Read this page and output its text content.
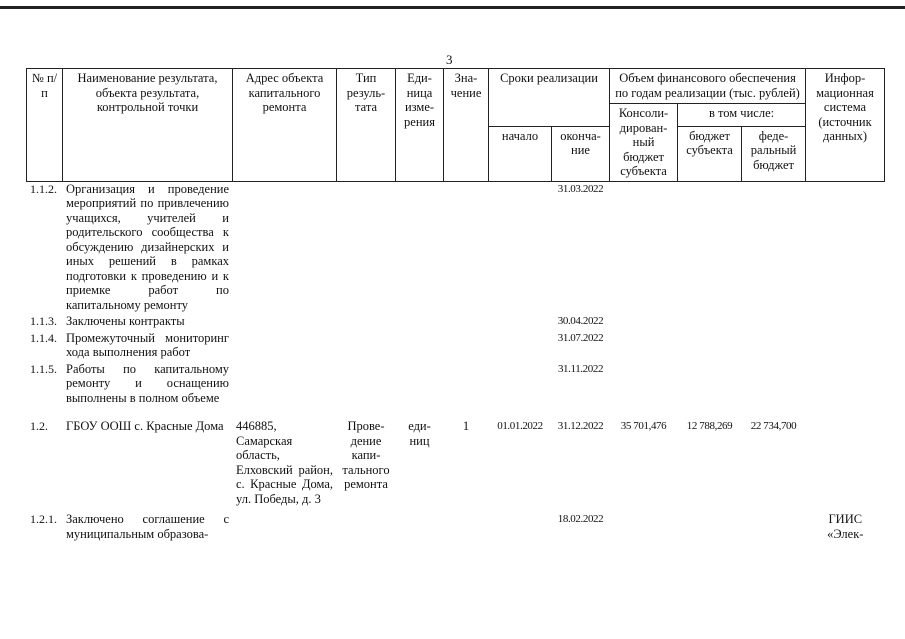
3
№ п/п	Наименование результата, объекта результата, контрольной точки	Адрес объекта капитального ремонта	Тип резуль-тата	Еди-ница изме-рения	Зна-чение	Сроки реализации		Объем финансового обеспечения по годам реализации (тыс. рублей)			Инфор-мационная система (источник данных)
								Консоли-дирован-ный бюджет субъекта	в том числе:		
						начало	оконча-ние		бюджет субъекта	феде-ральный бюджет	
1.1.2.	Организация и проведение мероприятий по привлечению учащихся, учителей и родительского сообщества к обсуждению дизайнерских и иных решений в рамках подготовки к проведению и к приемке работ по капитальному ремонту						31.03.2022				
1.1.3.	Заключены контракты						30.04.2022				
1.1.4.	Промежуточный мониторинг хода выполнения работ						31.07.2022				
1.1.5.	Работы по капитальному ремонту и оснащению выполнены в полном объеме						31.11.2022				
1.2.	ГБОУ ООШ с. Красные Дома	446885, Самарская область, Елховский район, с. Красные Дома, ул. Победы, д. 3	Прове-дение капи-тального ремонта	еди-ниц	1	01.01.2022	31.12.2022	35 701,476	12 788,269	22 734,700	
1.2.1.	Заключено соглашение с муниципальным образова-						18.02.2022				ГИИС «Элек-
